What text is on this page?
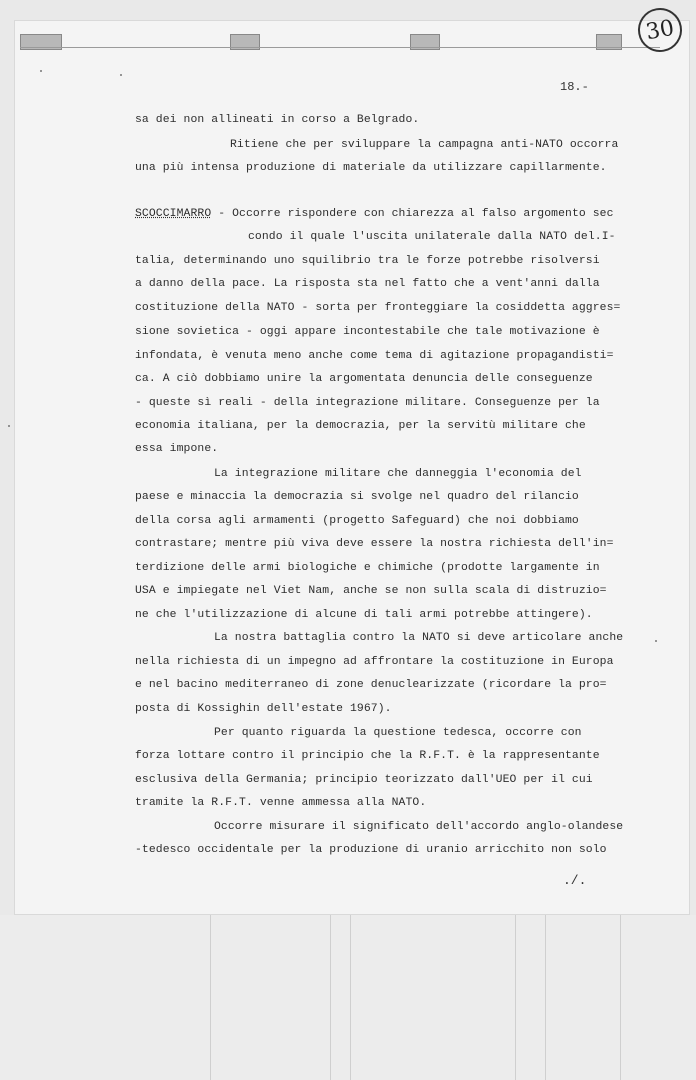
30
18.-
sa dei non allineati in corso a Belgrado.
Ritiene che per sviluppare la campagna anti-NATO occorra
una più intensa produzione di materiale da utilizzare capillarmente.
SCOCCIMARRO - Occorre rispondere con chiarezza al falso argomento sec
condo il quale l'uscita unilaterale dalla NATO del.I-
talia, determinando uno squilibrio tra le forze potrebbe risolversi
a danno della pace. La risposta sta nel fatto che a vent'anni dalla
costituzione della NATO - sorta per fronteggiare la cosiddetta aggres=
sione sovietica - oggi appare incontestabile che tale motivazione è
infondata, è venuta meno anche come tema di agitazione propagandisti=
ca. A ciò dobbiamo unire la argomentata denuncia delle conseguenze
- queste sì reali - della integrazione militare. Conseguenze per la
economia italiana, per la democrazia, per la servitù militare che
essa impone.
La integrazione militare che danneggia l'economia del
paese e minaccia la democrazia si svolge nel quadro del rilancio
della corsa agli armamenti (progetto Safeguard) che noi dobbiamo
contrastare; mentre più viva deve essere la nostra richiesta dell'in=
terdizione delle armi biologiche e chimiche (prodotte largamente in
USA e impiegate nel Viet Nam, anche se non sulla scala di distruzio=
ne che l'utilizzazione di alcune di tali armi potrebbe attingere).
La nostra battaglia contro la NATO si deve articolare anche
nella richiesta di un impegno ad affrontare la costituzione in Europa
e nel bacino mediterraneo di zone denuclearizzate (ricordare la pro=
posta di Kossighin dell'estate 1967).
Per quanto riguarda la questione tedesca, occorre con
forza lottare contro il principio che la R.F.T. è la rappresentante
esclusiva della Germania; principio teorizzato dall'UEO per il cui
tramite la R.F.T. venne ammessa alla NATO.
Occorre misurare il significato dell'accordo anglo-olandese
-tedesco occidentale per la produzione di uranio arricchito non solo
./.
